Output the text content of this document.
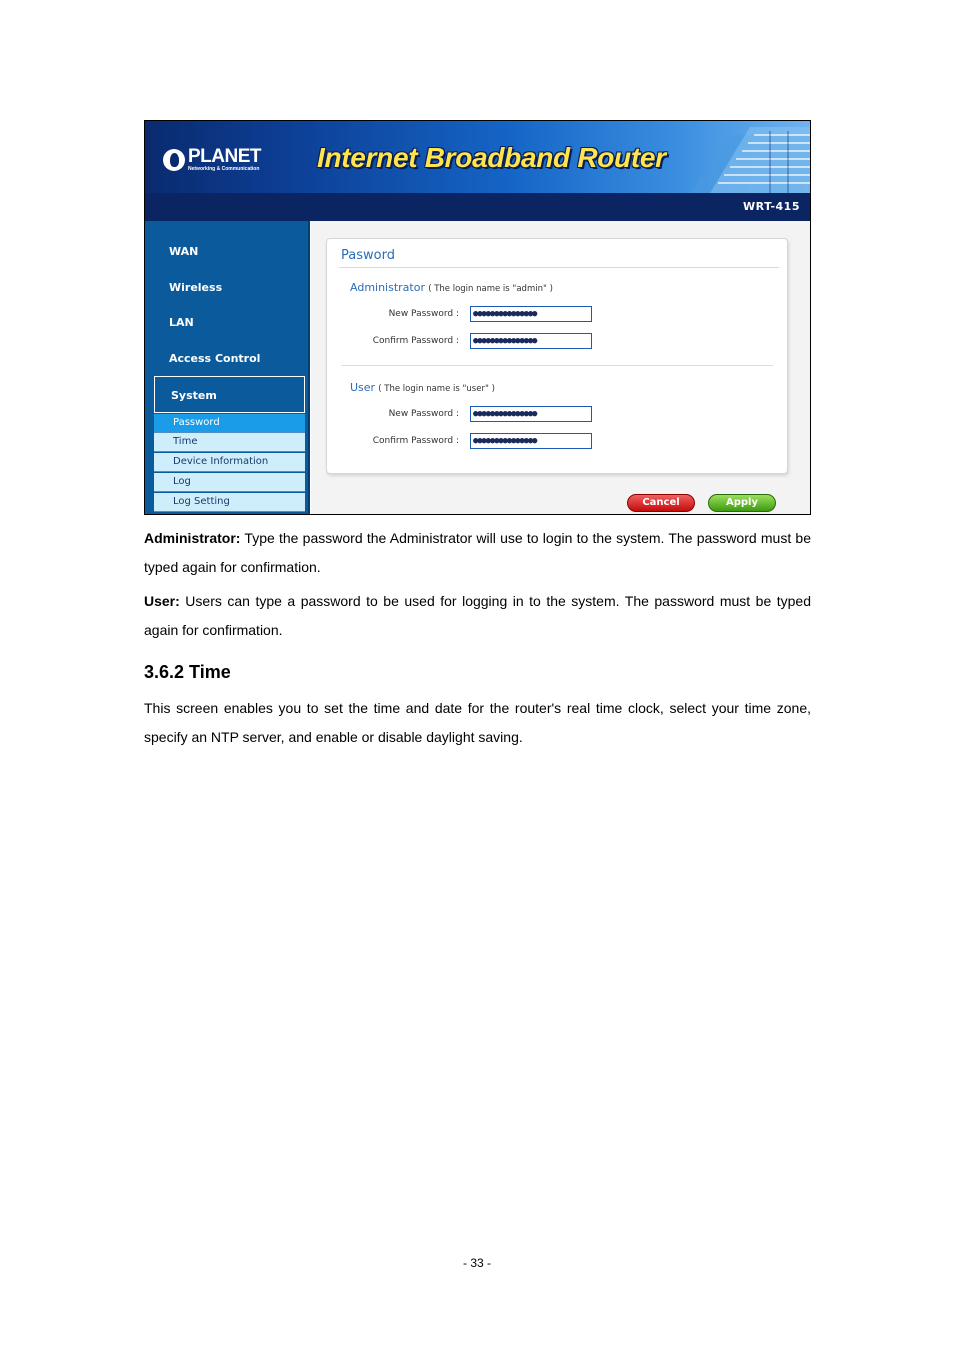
PLANET
Networking & Communication Internet Broadband Router
WRT-415
WAN
Wireless
LAN
Access Control
System
Password
Time
Device Information
Log
Log Setting
Pasword
Administrator ( The login name is "admin" )
New Password :	●●●●●●●●●●●●●●●
Confirm Password :	●●●●●●●●●●●●●●●
User ( The login name is "user" )
New Password :	●●●●●●●●●●●●●●●
Confirm Password :	●●●●●●●●●●●●●●●
Cancel	Apply

Administrator: Type the password the Administrator will use to login to the system. The password must be typed again for confirmation.

User: Users can type a password to be used for logging in to the system. The password must be typed again for confirmation.

3.6.2 Time

This screen enables you to set the time and date for the router's real time clock, select your time zone, specify an NTP server, and enable or disable daylight saving.

- 33 -
